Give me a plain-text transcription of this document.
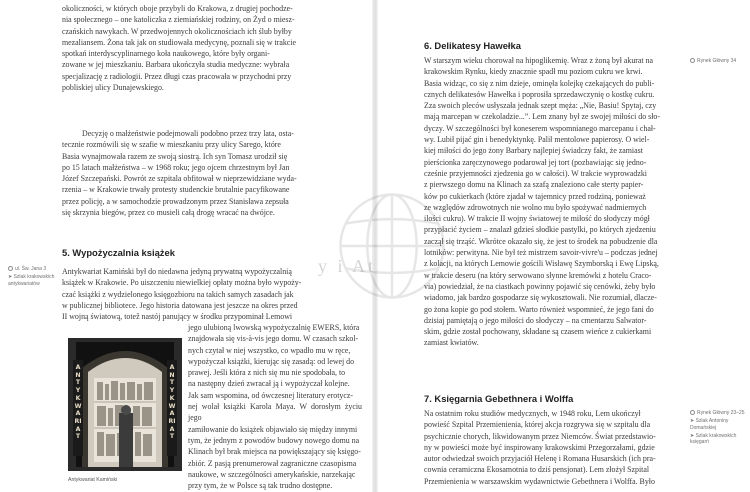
okoliczności, w których oboje przybyli do Krakowa, z drugiej pochodze-
nia społecznego – one katoliczka z ziemiańskiej rodziny, on Żyd o miesz-
czańskich nawykach. W przedwojennych okolicznościach ich ślub byłby
mezaliansem. Żona tak jak on studiowała medycynę, poznali się w trakcie
spotkań interdyscyplinarnego koła naukowego, które były organi-
zowane w jej mieszkaniu. Barbara ukończyła studia medyczne: wybrała
specjalizację z radiologii. Przez długi czas pracowała w przychodni przy
pobliskiej ulicy Dunajewskiego.
Decyzję o małżeństwie podejmowali podobno przez trzy lata, osta-
tecznie rozmówili się w szafie w mieszkaniu przy ulicy Sarego, które
Basia wynajmowała razem ze swoją siostrą. Ich syn Tomasz urodził się
po 15 latach małżeństwa – w 1968 roku; jego ojcem chrzestnym był Jan
Józef Szczepański. Powrót ze szpitala obfitował w nieprzewidziane wyda-
rzenia – w Krakowie trwały protesty studenckie brutalnie pacyfikowane
przez policję, a w samochodzie prowadzonym przez Stanisława zepsuła
się skrzynia biegów, przez co musieli całą drogę wracać na dwójce.
5. Wypożyczalnia książek
ul. Św. Jana 3
➤ Szlak krakowskich antykwariatów
Antykwariat Kamiński był do niedawna jedyną prywatną wypożyczalnią
książek w Krakowie. Po uiszczeniu niewielkiej opłaty można było wypoży-
czać książki z wydzielonego księgozbioru na takich samych zasadach jak
w publicznej bibliotece. Jego historia datowana jest jeszcze na okres przed
II wojną światową, totež nastój panujący w środku przypominał Lemowi
ANTYKWARIAT
ANTYKWARIAT
Antykwariat Kamiński
jego ulubioną lwowską wypożyczalnię EWERS, która
znajdowała się vis-à-vis jego domu. W czasach szkol-
nych czytał w niej wszystko, co wpadło mu w ręce,
wypożyczał książki, kierując się zasadą: od lewej do
prawej. Jeśli która z nich się mu nie spodobała, to
na następny dzień zwracał ją i wypożyczał kolejne.
Jak sam wspomina, od ówczesnej literatury erotycz-
nej wolał książki Karola Maya. W dorosłym życiu jego
zamiłowanie do książek objawiało się między innymi
tym, że jednym z powodów budowy nowego domu na
Klinach był brak miejsca na powiększający się księgo-
zbiór. Z pasją prenumerował zagraniczne czasopisma
naukowe, w szczególności amerykańskie, narzekając
przy tym, że w Polsce są tak trudno dostępne.
6. Delikatesy Hawełka
Rynek Główny 34
W starszym wieku chorował na hipoglikemię. Wraz z żoną był akurat na
krakowskim Rynku, kiedy znacznie spadł mu poziom cukru we krwi.
Basia widząc, co się z nim dzieje, ominęła kolejkę czekających do publi-
cznych delikatesów Hawełka i poprosiła sprzedawczynię o kostkę cukru.
Zza swoich pleców usłyszała jednak szept męża: „Nie, Basiu! Spytaj, czy
mają marcepan w czekoladzie...”. Lem znany był ze swojej miłości do sło-
dyczy. W szczególności był koneserem wspomnianego marcepanu i chał-
wy. Lubił pijać gin i benedyktynkę. Palił mentolowe papierosy. O wiel-
kiej miłości do jego żony Barbary najlepiej świadczy fakt, że zamiast
pierścionka zaręczynowego podarował jej tort (pozbawiając się jedno-
cześnie przyjemności zjedzenia go w całości). W trakcie wyprowadzki
z pierwszego domu na Klinach za szafą znaleziono całe sterty papier-
ków po cukierkach (które zjadał w tajemnicy przed rodziną, ponieważ
ze względów zdrowotnych nie wolno mu było spożywać nadmiernych
ilości cukru). W trakcie II wojny światowej te miłość do słodyczy mógł
przypłacić życiem – znalazł gdzieś słodkie pastylki, po których zjedzeniu
zaczął się trząść. Wkrótce okazało się, że jest to środek na pobudzenie dla
lotników: perwityna. Nie był też mistrzem savoir-vivre'u – podczas jednej
z kolacji, na których Lemowie gościli Wisławę Szymborską i Ewę Lipską,
w trakcie deseru (na który serwowano słynne kremówki z hotelu Craco-
via) powiedział, że na ciastkach powinny pojawić się cenówki, żeby było
wiadomo, jak bardzo gospodarze się wykosztowali. Nie rozumiał, dlacze-
go żona kopie go pod stołem. Warto również wspomnieć, że jego fani do
dzisiaj pamiętają o jego miłości do słodyczy – na cmentarzu Salwator-
skim, gdzie został pochowany, składane są czasem wieńce z cukierkami
zamiast kwiatów.
7. Księgarnia Gebethnera i Wolffa
Rynek Główny 23–25
➤ Szlak Antoniny Domańskiej
➤ Szlak krakowskich księgarń
Na ostatnim roku studiów medycznych, w 1948 roku, Lem ukończył
powieść Szpital Przemienienia, której akcja rozgrywa się w szpitalu dla
psychicznie chorych, likwidowanym przez Niemców. Świat przedstawio-
ny w powieści może być inspirowany krakowskimi Przegorzałami, gdzie
autor odwiedzał swoich przyjaciół Helenę i Romana Husarskich (ich pra-
cownia ceramiczna Ekosamotnia to dziś pensjonat). Lem złożył Szpital
Przemienienia w warszawskim wydawnictwie Gebethnera i Wolffa. Było
y i At
